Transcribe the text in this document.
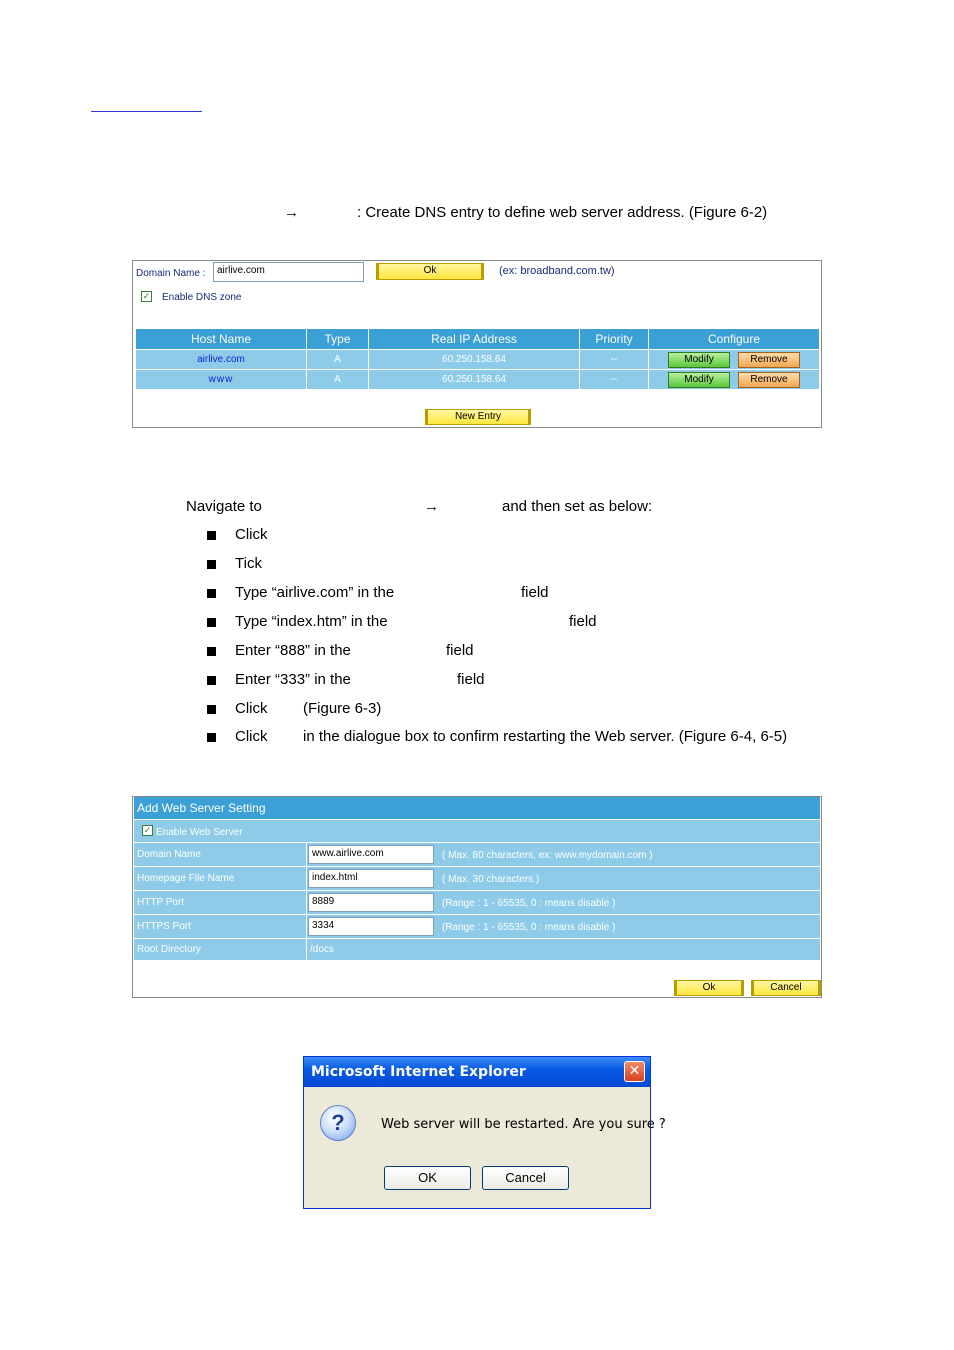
→	: Create DNS entry to define web server address. (Figure 6-2)
Domain Name :	airlive.com	Ok	(ex: broadband.com.tw)
✓ Enable DNS zone
Host Name	Type	Real IP Address	Priority	Configure
airlive.com	A	60.250.158.64	--	Modify Remove
www	A	60.250.158.64	--	Modify Remove
New Entry
Navigate to	→	and then set as below:
Click
Tick
Type “airlive.com” in the	field
Type “index.htm” in the	field
Enter “888” in the	field
Enter “333” in the	field
Click (Figure 6-3)
Click in the dialogue box to confirm restarting the Web server. (Figure 6-4, 6-5)
Add Web Server Setting
✓ Enable Web Server
Domain Name	www.airlive.com	( Max. 80 characters, ex: www.mydomain.com )
Homepage File Name	index.html	( Max. 30 characters )
HTTP Port	8889	(Range : 1 - 65535, 0 : means disable )
HTTPS Port	3334	(Range : 1 - 65535, 0 : means disable )
Root Directory	/docs
Ok	Cancel
Microsoft Internet Explorer	✕
?	Web server will be restarted. Are you sure ?
OK	Cancel
